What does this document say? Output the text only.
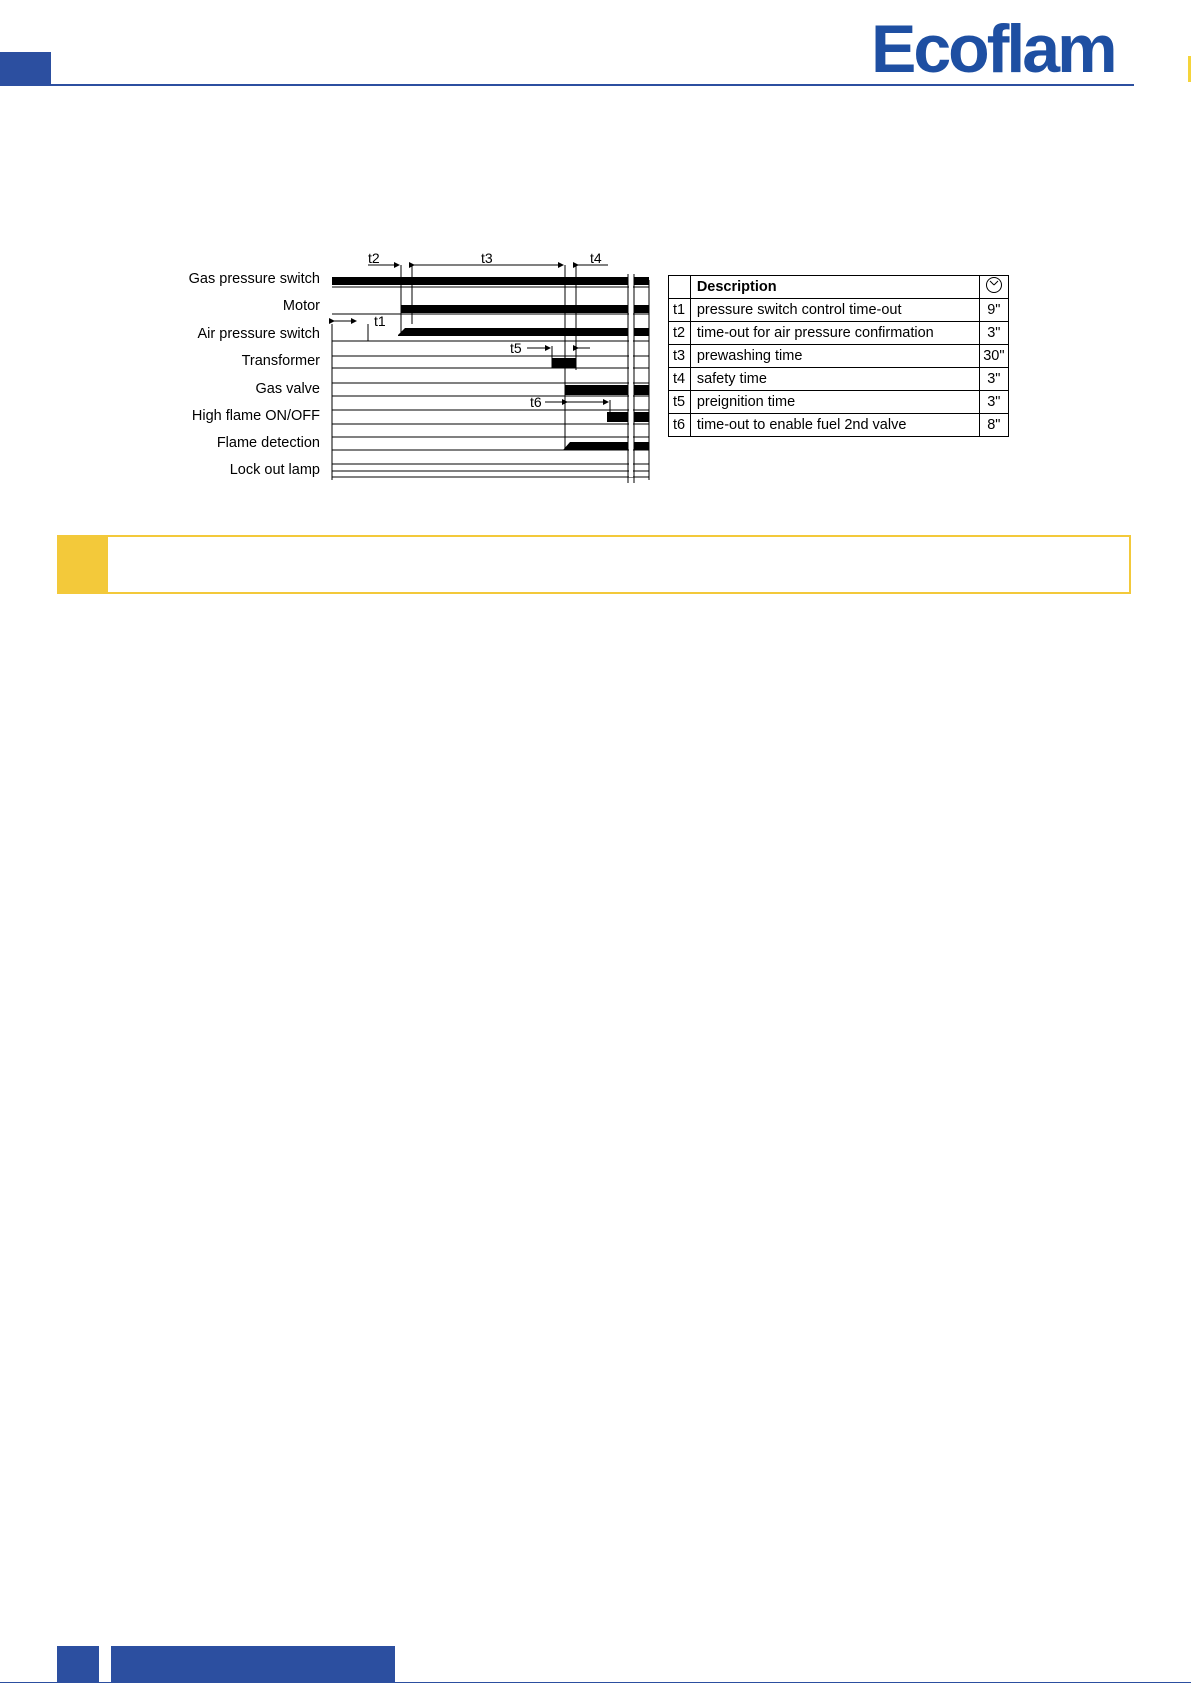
Ecoflam
Gas pressure switch
Motor
Air pressure switch
Transformer
Gas valve
High flame ON/OFF
Flame detection
Lock out lamp
t2	t3	t4
t1
t5
t6
	Description	
t1	pressure switch control time-out	9"
t2	time-out for air pressure confirmation	3"
t3	prewashing time	30"
t4	safety time	3"
t5	preignition time	3"
t6	time-out to enable fuel 2nd valve	8"
